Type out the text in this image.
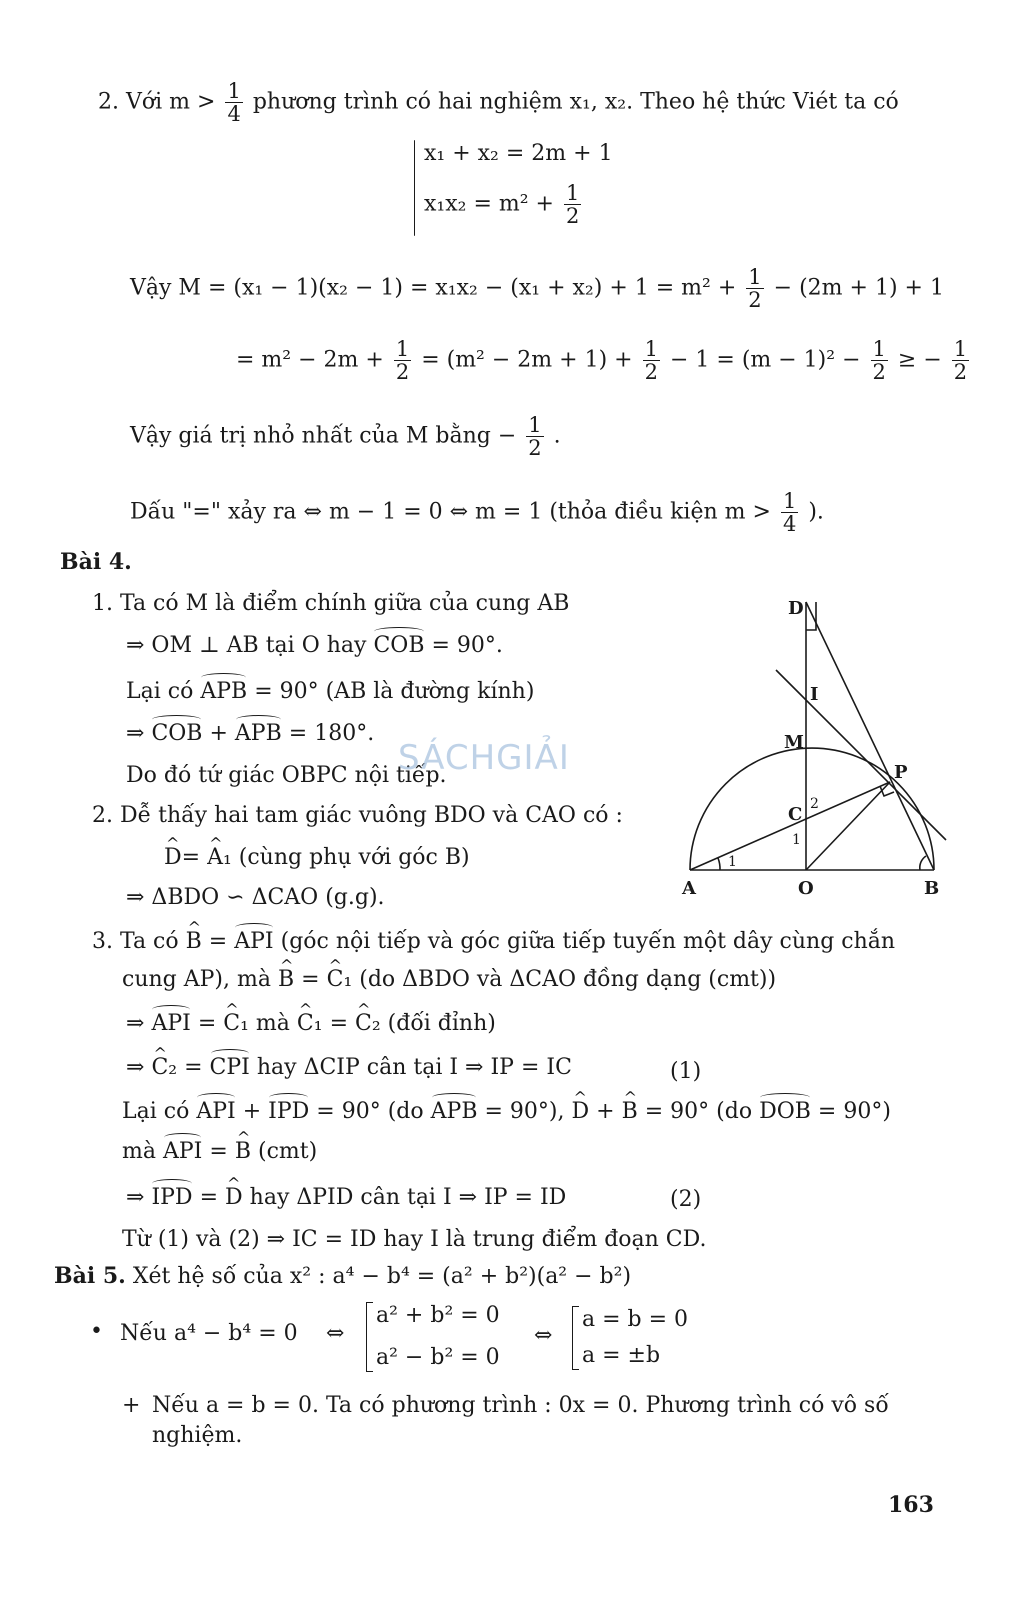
2. Với $m > \frac{1}{4}$ phương trình có hai nghiệm x₁, x₂. Theo hệ thức Viét ta có
x₁ + x₂ = 2m + 1
$x_1x_2 = m^2 + \frac{1}{2}$
Vậy $M = (x_1 - 1)(x_2 - 1) = x_1x_2 - (x_1 + x_2) + 1 = m^2 + \frac{1}{2} - (2m + 1) + 1$
= $m^2 - 2m + \frac{1}{2} = (m^2 - 2m + 1) + \frac{1}{2} - 1 = (m - 1)^2 - \frac{1}{2}$ ≥ − $\frac{1}{2}$
Vậy giá trị nhỏ nhất của M bằng − $\frac{1}{2}$ .
Dấu "=" xảy ra ⇔ m − 1 = 0 ⇔ m = 1 (thỏa điều kiện $m > \frac{1}{4}$ ).
Bài 4.
1. Ta có M là điểm chính giữa của cung AB
⇒ OM ⊥ AB tại O hay COB = 90°.
Lại có APB = 90° (AB là đường kính)
⇒ COB + APB = 180°.
Do đó tứ giác OBPC nội tiếp.
2. Dễ thấy hai tam giác vuông BDO và CAO có :
^ D= ^ A₁ (cùng phụ với góc B)
⇒ ΔBDO ∽ ΔCAO (g.g).
3. Ta có ^ B = API (góc nội tiếp và góc giữa tiếp tuyến một dây cùng chắn
cung AP), mà ^ B = ^ C₁ (do ΔBDO và ΔCAO đồng dạng (cmt))
⇒ API = ^ C₁ mà ^ C₁ = ^ C₂ (đối đỉnh)
⇒ ^ C₂ = CPI hay ΔCIP cân tại I ⇒ IP = IC	(1)
Lại có API + IPD = 90° (do APB = 90°), ^ D + ^ B = 90° (do DOB = 90°)
mà API = ^ B (cmt)
⇒ IPD = ^ D hay ΔPID cân tại I ⇒ IP = ID	(2)
Từ (1) và (2) ⇒ IC = ID hay I là trung điểm đoạn CD.
D
I
M
P
C
A	O	B
1
1
2
SÁCHGIẢI
Bài 5. Xét hệ số của x² : a⁴ − b⁴ = (a² + b²)(a² − b²)
• Nếu a⁴ − b⁴ = 0 ⇔
a² + b² = 0
a² − b² = 0
⇔
a = b = 0
a = ±b
+ Nếu a = b = 0. Ta có phương trình : 0x = 0. Phương trình có vô số
nghiệm.
163
